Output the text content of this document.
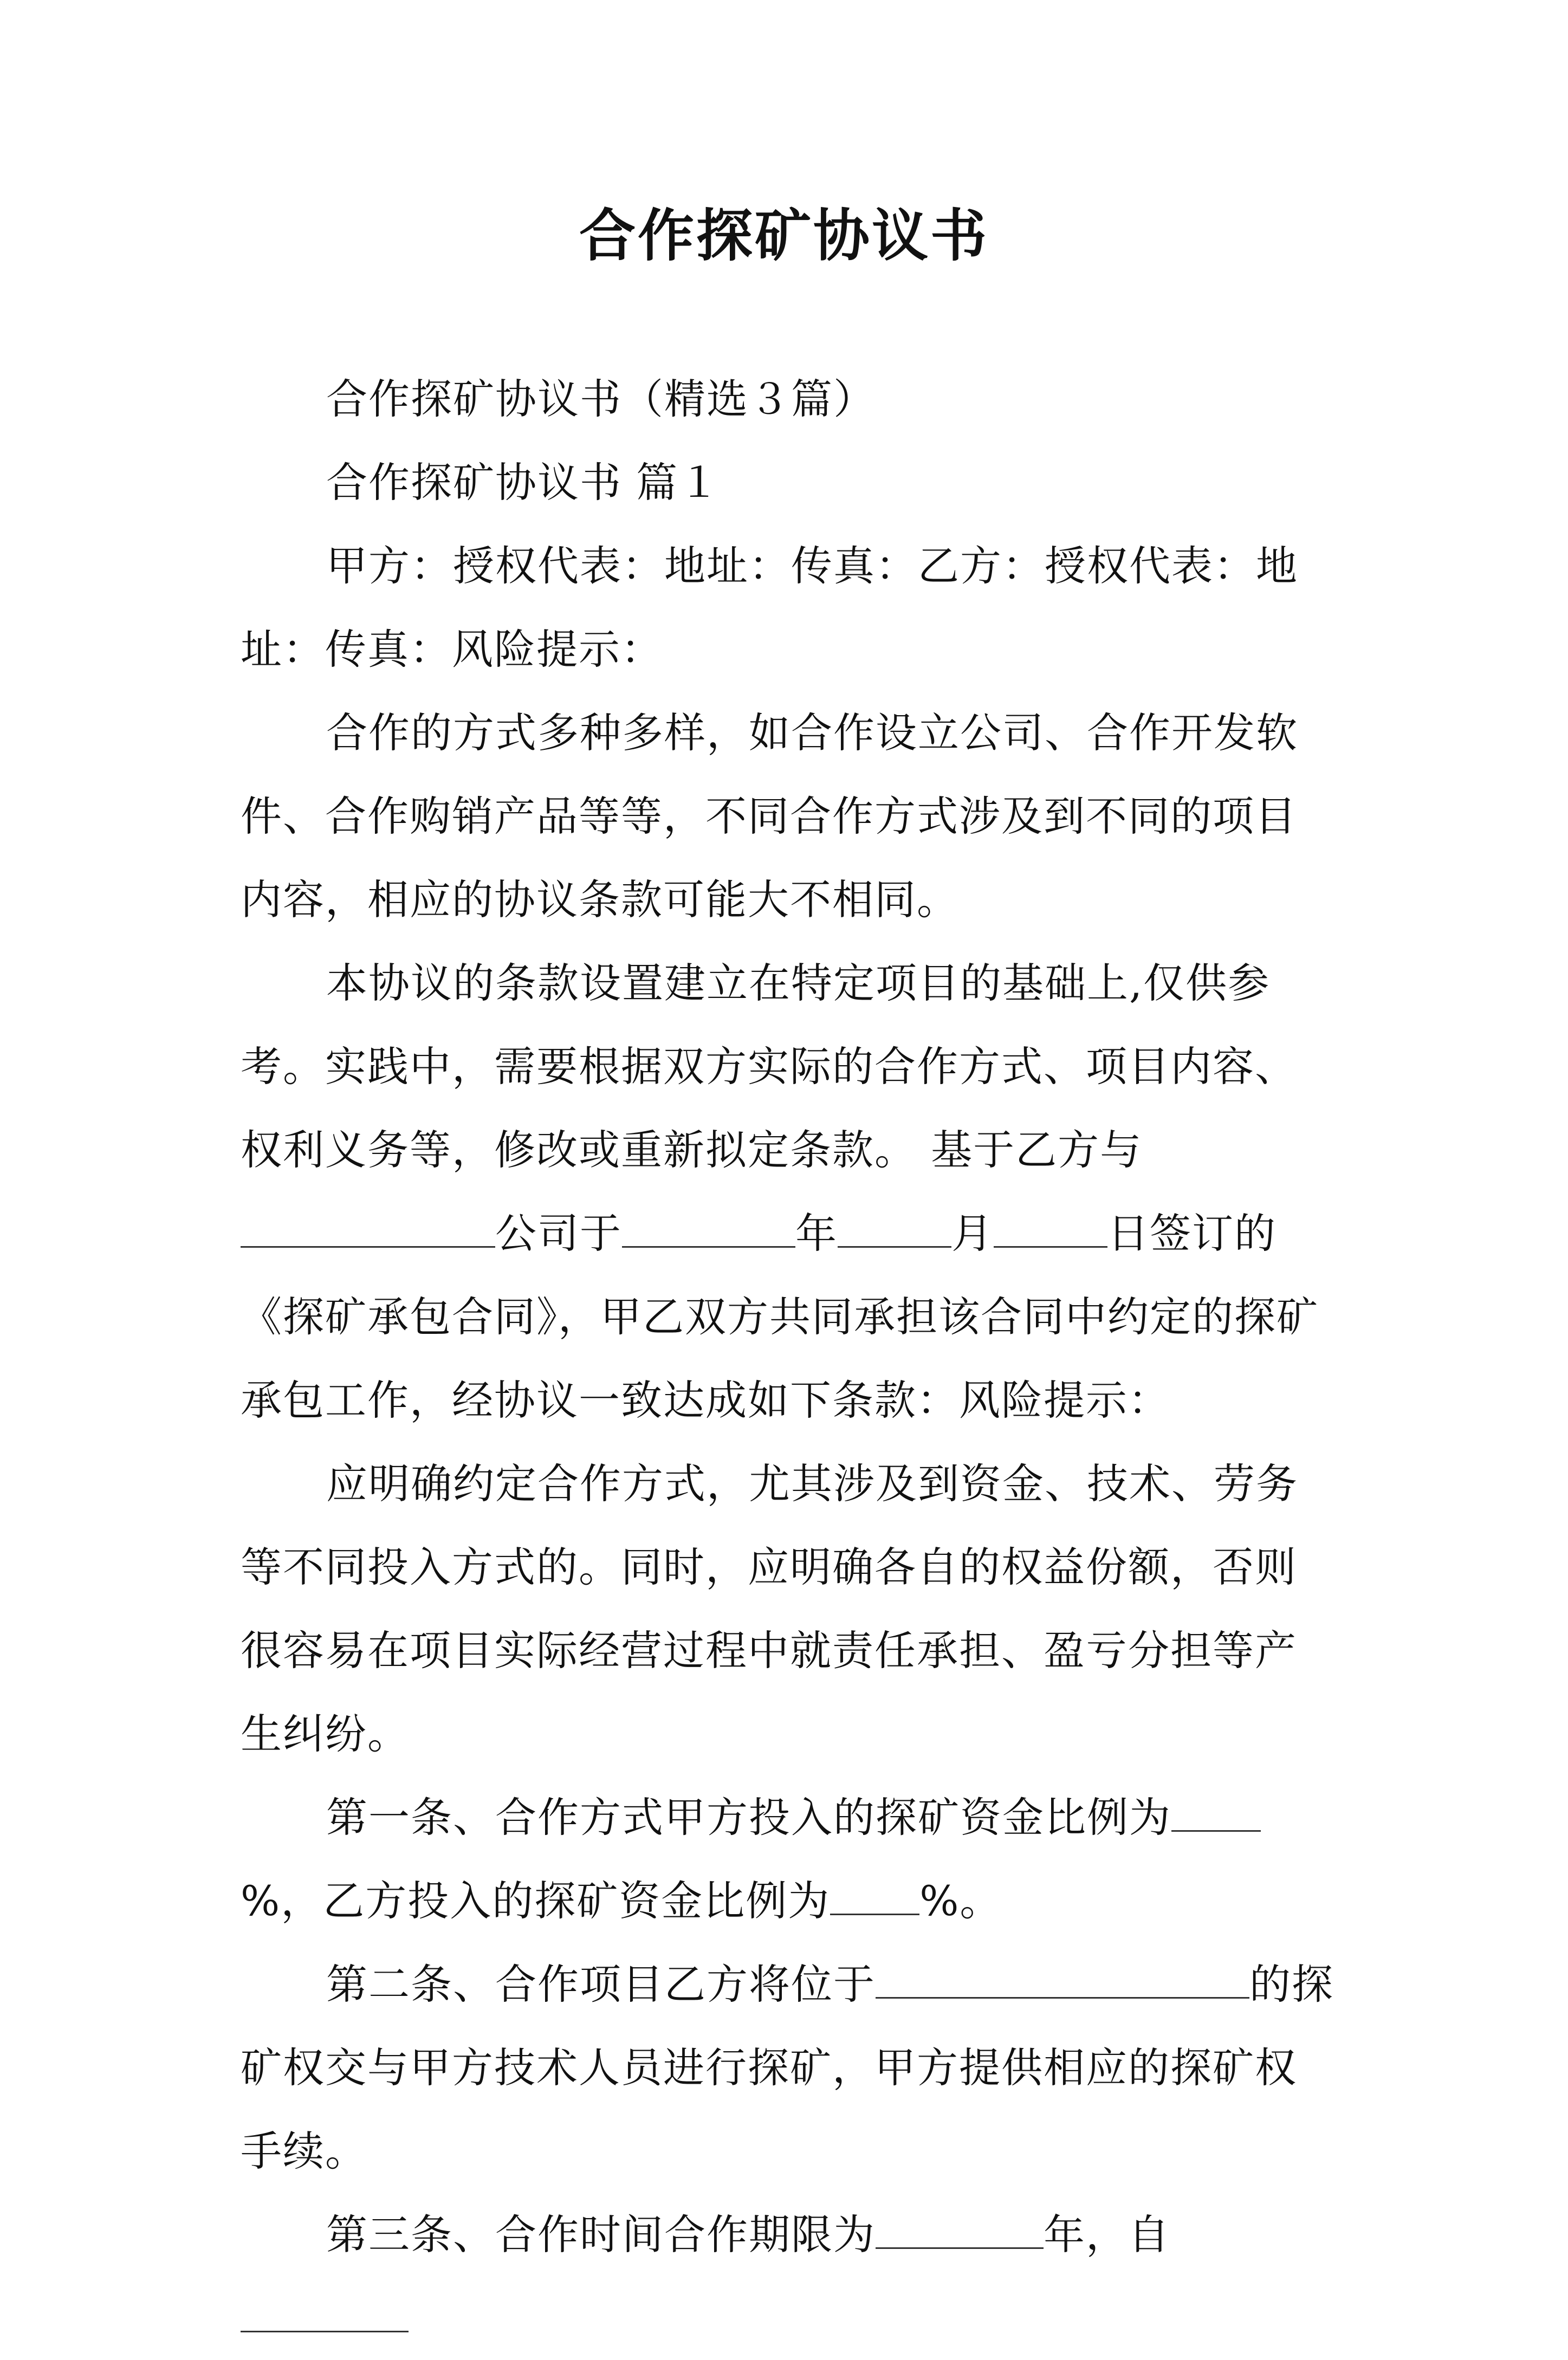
合作探矿协议书

合作探矿协议书（精选３篇）

合作探矿协议书 篇１

甲方：授权代表：地址：传真：乙方：授权代表：地址：传真：风险提示：

合作的方式多种多样，如合作设立公司、合作开发软件、合作购销产品等等，不同合作方式涉及到不同的项目内容，相应的协议条款可能大不相同。

本协议的条款设置建立在特定项目的基础上,仅供参考。实践中，需要根据双方实际的合作方式、项目内容、权利义务等，修改或重新拟定条款。 基于乙方与公司于	年	月	日签订的《探矿承包合同》，甲乙双方共同承担该合同中约定的探矿承包工作，经协议一致达成如下条款：风险提示：

应明确约定合作方式，尤其涉及到资金、技术、劳务等不同投入方式的。同时，应明确各自的权益份额，否则很容易在项目实际经营过程中就责任承担、盈亏分担等产生纠纷。

第一条、合作方式甲方投入的探矿资金比例为%，乙方投入的探矿资金比例为 %。

第二条、合作项目乙方将位于	的探矿权交与甲方技术人员进行探矿，甲方提供相应的探矿权手续。

第三条、合作时间合作期限为	年，自
